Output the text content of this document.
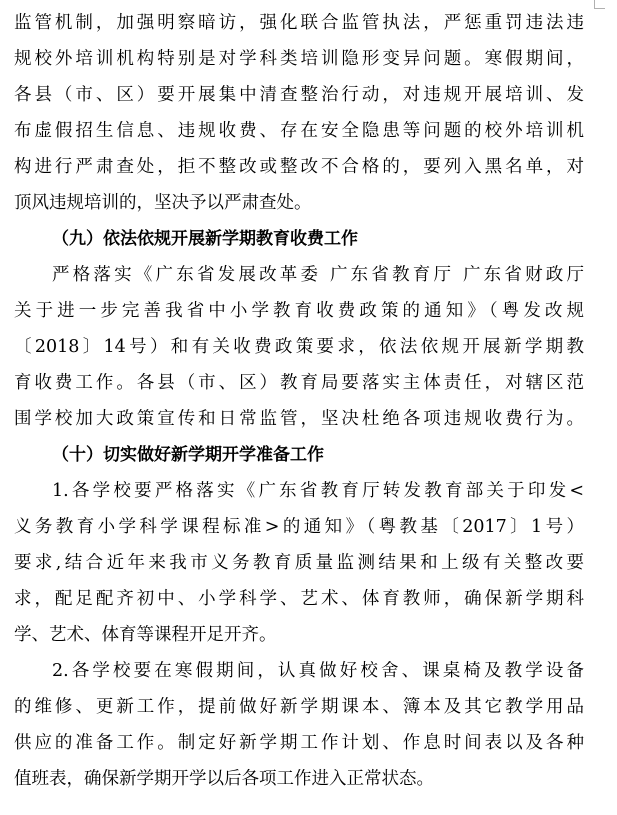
监管机制，加强明察暗访，强化联合监管执法，严惩重罚违法违
规校外培训机构特别是对学科类培训隐形变异问题。寒假期间，
各县（市、区）要开展集中清查整治行动，对违规开展培训、发
布虚假招生信息、违规收费、存在安全隐患等问题的校外培训机
构进行严肃查处，拒不整改或整改不合格的，要列入黑名单，对
顶风违规培训的，坚决予以严肃查处。
（九）依法依规开展新学期教育收费工作
严格落实《广东省发展改革委 广东省教育厅 广东省财政厅
关于进一步完善我省中小学教育收费政策的通知》（粤发改规
〔2018〕14号）和有关收费政策要求，依法依规开展新学期教
育收费工作。各县（市、区）教育局要落实主体责任，对辖区范
围学校加大政策宣传和日常监管，坚决杜绝各项违规收费行为。
（十）切实做好新学期开学准备工作
1.各学校要严格落实《广东省教育厅转发教育部关于印发<
义务教育小学科学课程标准>的通知》（粤教基〔2017〕1号）
要求,结合近年来我市义务教育质量监测结果和上级有关整改要
求，配足配齐初中、小学科学、艺术、体育教师，确保新学期科
学、艺术、体育等课程开足开齐。
2.各学校要在寒假期间，认真做好校舍、课桌椅及教学设备
的维修、更新工作，提前做好新学期课本、簿本及其它教学用品
供应的准备工作。制定好新学期工作计划、作息时间表以及各种
值班表，确保新学期开学以后各项工作进入正常状态。
